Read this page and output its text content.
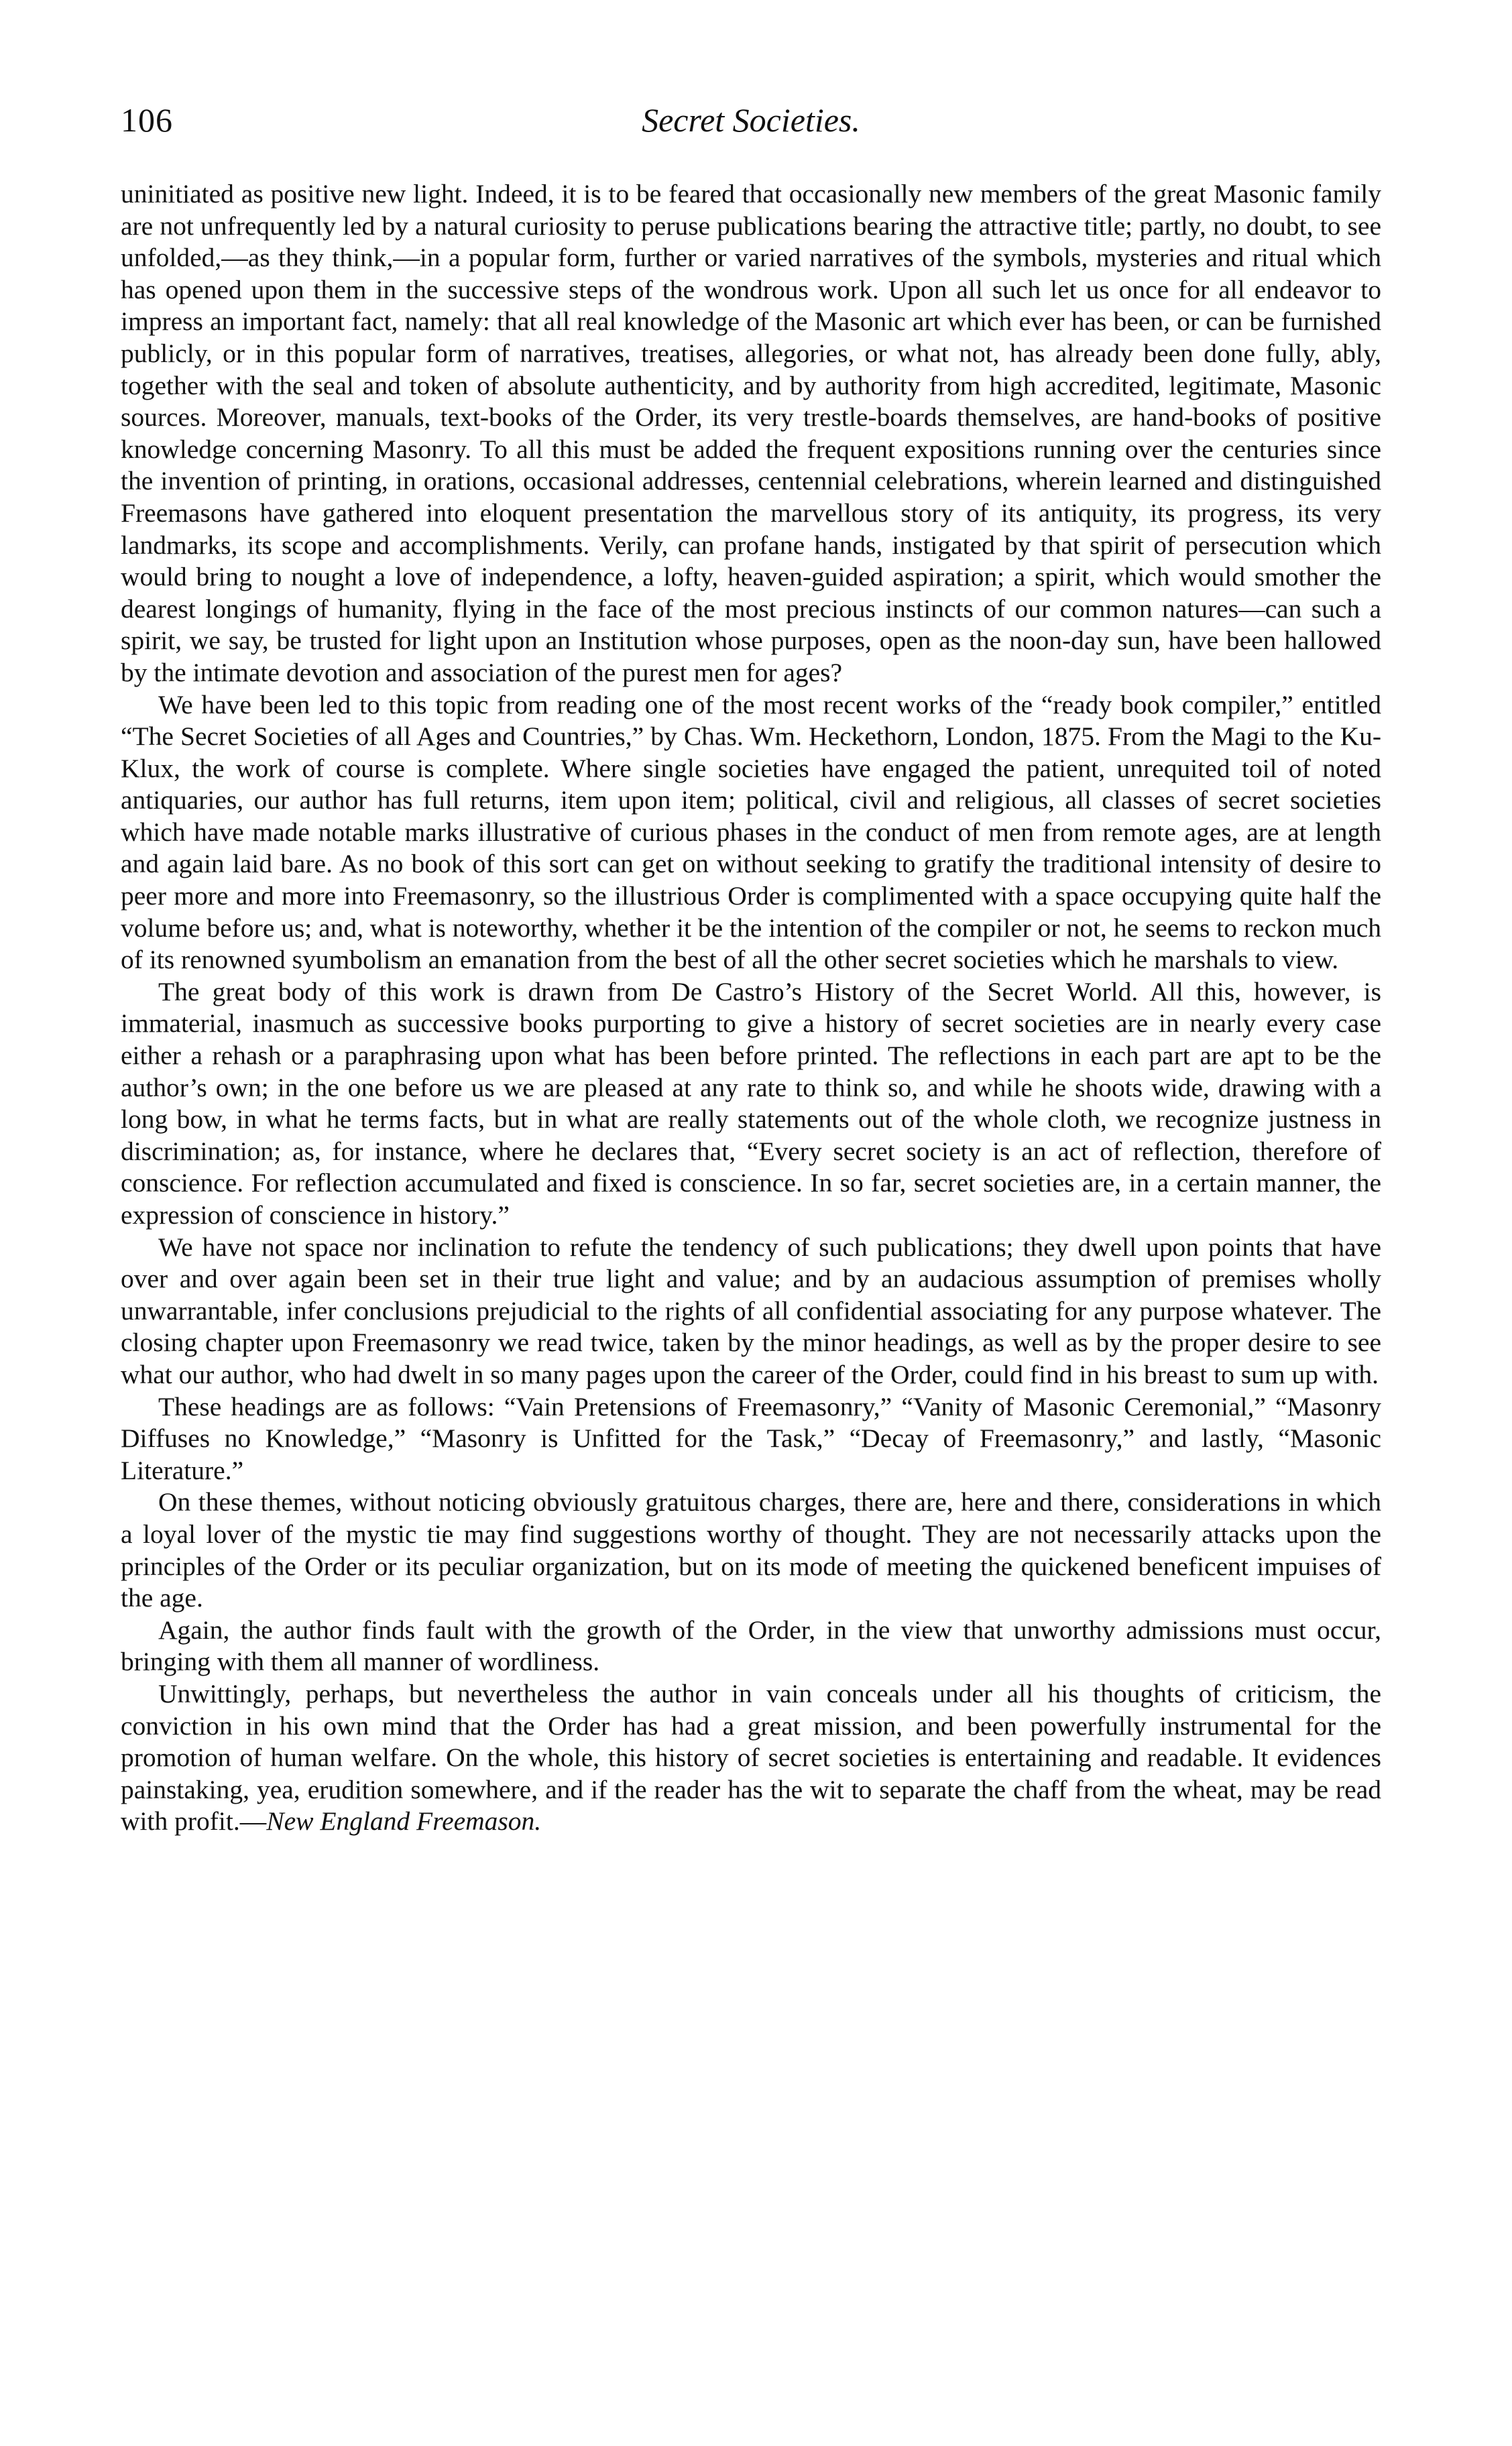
106	Secret Societies.

uninitiated as positive new light. Indeed, it is to be feared that occasionally new members of the great Masonic family are not unfrequently led by a natural curiosity to peruse publications bearing the attractive title; partly, no doubt, to see unfolded,—as they think,—in a popular form, further or varied narratives of the symbols, mysteries and ritual which has opened upon them in the successive steps of the wondrous work. Upon all such let us once for all endeavor to impress an important fact, namely: that all real knowledge of the Masonic art which ever has been, or can be furnished publicly, or in this popular form of narratives, treatises, allegories, or what not, has already been done fully, ably, together with the seal and token of absolute authenticity, and by authority from high accredited, legitimate, Masonic sources. Moreover, manuals, text-books of the Order, its very trestle-boards themselves, are hand-books of positive knowledge concerning Masonry. To all this must be added the frequent expositions running over the centuries since the invention of printing, in orations, occasional addresses, centennial celebrations, wherein learned and distinguished Freemasons have gathered into eloquent presentation the marvellous story of its antiquity, its progress, its very landmarks, its scope and accomplishments. Verily, can profane hands, instigated by that spirit of persecution which would bring to nought a love of independence, a lofty, heaven-guided aspiration; a spirit, which would smother the dearest longings of humanity, flying in the face of the most precious instincts of our common natures—can such a spirit, we say, be trusted for light upon an Institution whose purposes, open as the noon-day sun, have been hallowed by the intimate devotion and association of the purest men for ages?

We have been led to this topic from reading one of the most recent works of the “ready book compiler,” entitled “The Secret Societies of all Ages and Countries,” by Chas. Wm. Heckethorn, London, 1875. From the Magi to the Ku-Klux, the work of course is complete. Where single societies have engaged the patient, unrequited toil of noted antiquaries, our author has full returns, item upon item; political, civil and religious, all classes of secret societies which have made notable marks illustrative of curious phases in the conduct of men from remote ages, are at length and again laid bare. As no book of this sort can get on without seeking to gratify the traditional intensity of desire to peer more and more into Freemasonry, so the illustrious Order is complimented with a space occupying quite half the volume before us; and, what is noteworthy, whether it be the intention of the compiler or not, he seems to reckon much of its renowned syumbolism an emanation from the best of all the other secret societies which he marshals to view.

The great body of this work is drawn from De Castro’s History of the Secret World. All this, however, is immaterial, inasmuch as successive books purporting to give a history of secret societies are in nearly every case either a rehash or a paraphrasing upon what has been before printed. The reflections in each part are apt to be the author’s own; in the one before us we are pleased at any rate to think so, and while he shoots wide, drawing with a long bow, in what he terms facts, but in what are really statements out of the whole cloth, we recognize justness in discrimination; as, for instance, where he declares that, “Every secret society is an act of reflection, therefore of conscience. For reflection accumulated and fixed is conscience. In so far, secret societies are, in a certain manner, the expression of conscience in history.”

We have not space nor inclination to refute the tendency of such publications; they dwell upon points that have over and over again been set in their true light and value; and by an audacious assumption of premises wholly unwarrantable, infer conclusions prejudicial to the rights of all confidential associating for any purpose whatever. The closing chapter upon Freemasonry we read twice, taken by the minor headings, as well as by the proper desire to see what our author, who had dwelt in so many pages upon the career of the Order, could find in his breast to sum up with.

These headings are as follows: “Vain Pretensions of Freemasonry,” “Vanity of Masonic Ceremonial,” “Masonry Diffuses no Knowledge,” “Masonry is Unfitted for the Task,” “Decay of Freemasonry,” and lastly, “Masonic Literature.”

On these themes, without noticing obviously gratuitous charges, there are, here and there, considerations in which a loyal lover of the mystic tie may find suggestions worthy of thought. They are not necessarily attacks upon the principles of the Order or its peculiar organization, but on its mode of meeting the quickened beneficent impuises of the age.

Again, the author finds fault with the growth of the Order, in the view that unworthy admissions must occur, bringing with them all manner of wordliness.

Unwittingly, perhaps, but nevertheless the author in vain conceals under all his thoughts of criticism, the conviction in his own mind that the Order has had a great mission, and been powerfully instrumental for the promotion of human welfare. On the whole, this history of secret societies is entertaining and readable. It evidences painstaking, yea, erudition somewhere, and if the reader has the wit to separate the chaff from the wheat, may be read with profit.—New England Freemason.
